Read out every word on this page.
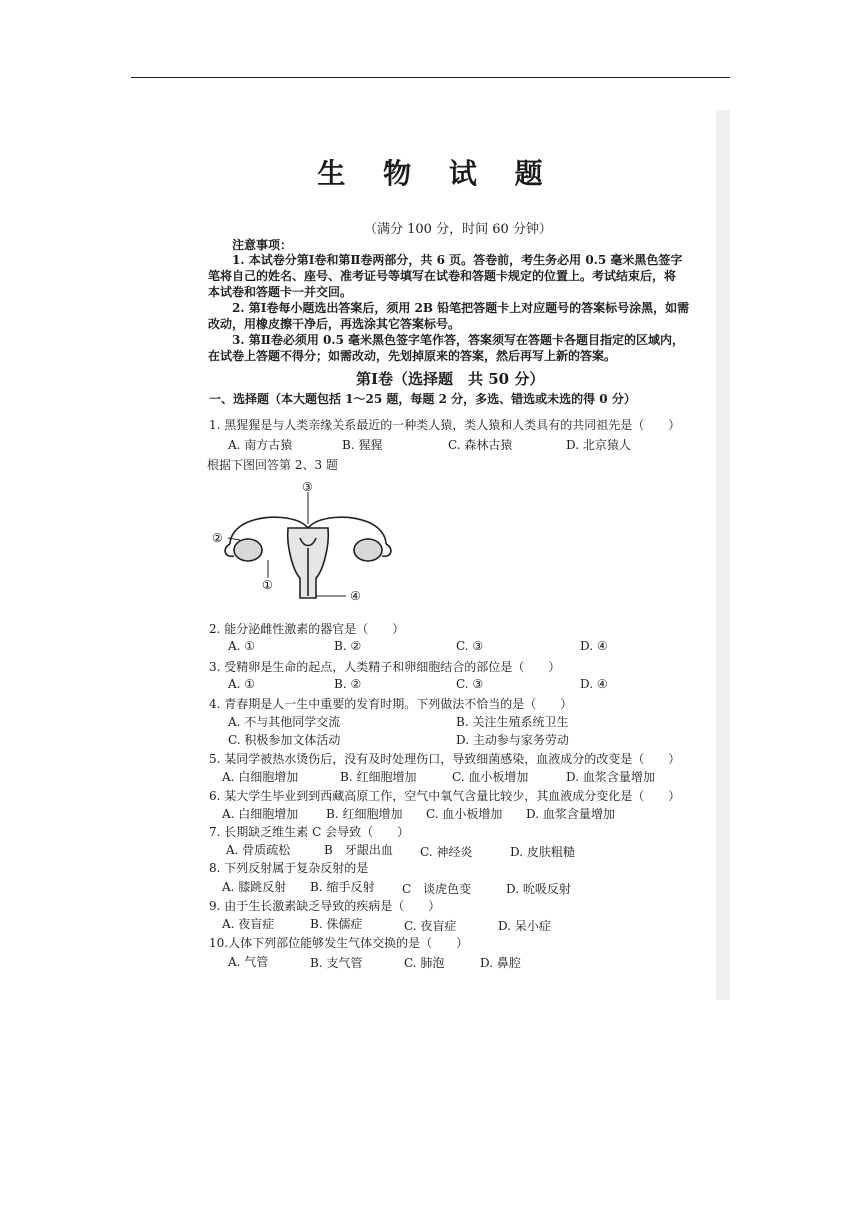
生 物 试 题
（满分 100 分，时间 60 分钟）
注意事项：
1. 本试卷分第Ⅰ卷和第Ⅱ卷两部分，共 6 页。答卷前，考生务必用 0.5 毫米黑色签字
笔将自己的姓名、座号、准考证号等填写在试卷和答题卡规定的位置上。考试结束后，将
本试卷和答题卡一并交回。
2. 第Ⅰ卷每小题选出答案后，须用 2B 铅笔把答题卡上对应题号的答案标号涂黑，如需
改动，用橡皮擦干净后，再选涂其它答案标号。
3. 第Ⅱ卷必须用 0.5 毫米黑色签字笔作答，答案须写在答题卡各题目指定的区域内，
在试卷上答题不得分；如需改动，先划掉原来的答案，然后再写上新的答案。
第Ⅰ卷（选择题　共 50 分）
一、选择题（本大题包括 1～25 题，每题 2 分，多选、错选或未选的得 0 分）
1. 黑猩猩是与人类亲缘关系最近的一种类人猿，类人猿和人类具有的共同祖先是（　　）
A. 南方古猿	B. 猩猩	C. 森林古猿	D. 北京猿人
根据下图回答第 2、3 题
③
②
①
④
2. 能分泌雌性激素的器官是（　　）
A. ①	B. ②	C. ③	D. ④
3. 受精卵是生命的起点，人类精子和卵细胞结合的部位是（　　）
A. ①	B. ②	C. ③	D. ④
4. 青春期是人一生中重要的发育时期。下列做法不恰当的是（　　）
A. 不与其他同学交流	B. 关注生殖系统卫生
C. 积极参加文体活动	D. 主动参与家务劳动
5. 某同学被热水烫伤后，没有及时处理伤口，导致细菌感染，血液成分的改变是（　　）
A. 白细胞增加	B. 红细胞增加	C. 血小板增加	D. 血浆含量增加
6. 某大学生毕业到到西藏高原工作，空气中氧气含量比较少，其血液成分变化是（　　）
A. 白细胞增加 B. 红细胞增加 C. 血小板增加 D. 血浆含量增加
7. 长期缺乏维生素 C 会导致（　　）
A. 骨质疏松	B　牙龈出血 C. 神经炎	D. 皮肤粗糙
8. 下列反射属于复杂反射的是
A. 膝跳反射 B. 缩手反射 C　谈虎色变	D. 吮吸反射
9. 由于生长激素缺乏导致的疾病是（　　）
A. 夜盲症	B. 侏儒症	C. 夜盲症	D. 呆小症
10.人体下列部位能够发生气体交换的是（　　）
A. 气管	B. 支气管	C. 肺泡	D. 鼻腔
